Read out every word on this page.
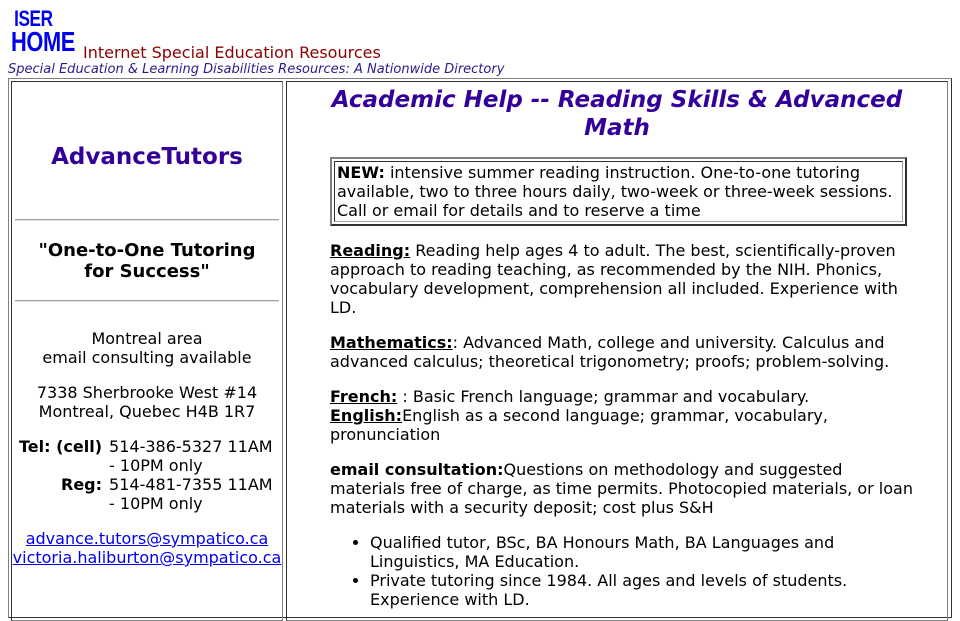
ISER
HOME Internet Special Education Resources
Special Education & Learning Disabilities Resources: A Nationwide Directory
AdvanceTutors
"One-to-One Tutoring
for Success"
Montreal area
email consulting available
7338 Sherbrooke West #14
Montreal, Quebec H4B 1R7
Tel: (cell)	514-386-5327 11AM - 10PM only
Reg:	514-481-7355 11AM - 10PM only
advance.tutors@sympatico.ca
victoria.haliburton@sympatico.ca
Academic Help -- Reading Skills & Advanced Math
NEW: intensive summer reading instruction. One-to-one tutoring available, two to three hours daily, two-week or three-week sessions. Call or email for details and to reserve a time

Reading: Reading help ages 4 to adult. The best, scientifically-proven approach to reading teaching, as recommended by the NIH. Phonics, vocabulary development, comprehension all included. Experience with LD.

Mathematics:: Advanced Math, college and university. Calculus and advanced calculus; theoretical trigonometry; proofs; problem-solving.

French: : Basic French language; grammar and vocabulary.
English:English as a second language; grammar, vocabulary, pronunciation

email consultation:Questions on methodology and suggested materials free of charge, as time permits. Photocopied materials, or loan materials with a security deposit; cost plus S&H

• Qualified tutor, BSc, BA Honours Math, BA Languages and Linguistics, MA Education.
• Private tutoring since 1984. All ages and levels of students. Experience with LD.
